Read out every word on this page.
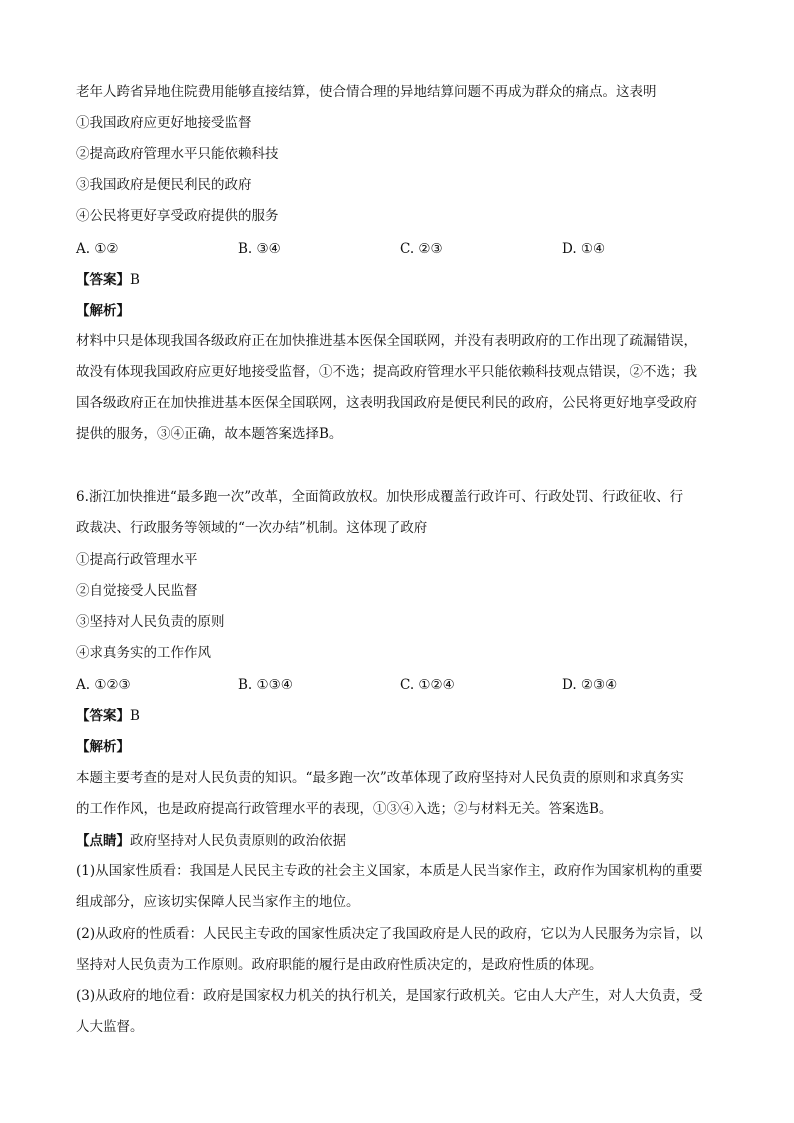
老年人跨省异地住院费用能够直接结算，使合情合理的异地结算问题不再成为群众的痛点。这表明
①我国政府应更好地接受监督
②提高政府管理水平只能依赖科技
③我国政府是便民利民的政府
④公民将更好享受政府提供的服务
A. ①②	B. ③④	C. ②③	D. ①④
【答案】B
【解析】
材料中只是体现我国各级政府正在加快推进基本医保全国联网，并没有表明政府的工作出现了疏漏错误，
故没有体现我国政府应更好地接受监督，①不选；提高政府管理水平只能依赖科技观点错误，②不选；我
国各级政府正在加快推进基本医保全国联网，这表明我国政府是便民利民的政府，公民将更好地享受政府
提供的服务，③④正确，故本题答案选择B。
6.浙江加快推进“最多跑一次”改革，全面简政放权。加快形成覆盖行政许可、行政处罚、行政征收、行
政裁决、行政服务等领域的“一次办结”机制。这体现了政府
①提高行政管理水平
②自觉接受人民监督
③坚持对人民负责的原则
④求真务实的工作作风
A. ①②③	B. ①③④	C. ①②④	D. ②③④
【答案】B
【解析】
本题主要考查的是对人民负责的知识。“最多跑一次”改革体现了政府坚持对人民负责的原则和求真务实
的工作作风，也是政府提高行政管理水平的表现，①③④入选；②与材料无关。答案选B。
【点睛】政府坚持对人民负责原则的政治依据
(1)从国家性质看：我国是人民民主专政的社会主义国家，本质是人民当家作主，政府作为国家机构的重要
组成部分，应该切实保障人民当家作主的地位。
(2)从政府的性质看：人民民主专政的国家性质决定了我国政府是人民的政府，它以为人民服务为宗旨，以
坚持对人民负责为工作原则。政府职能的履行是由政府性质决定的，是政府性质的体现。
(3)从政府的地位看：政府是国家权力机关的执行机关，是国家行政机关。它由人大产生，对人大负责，受
人大监督。
